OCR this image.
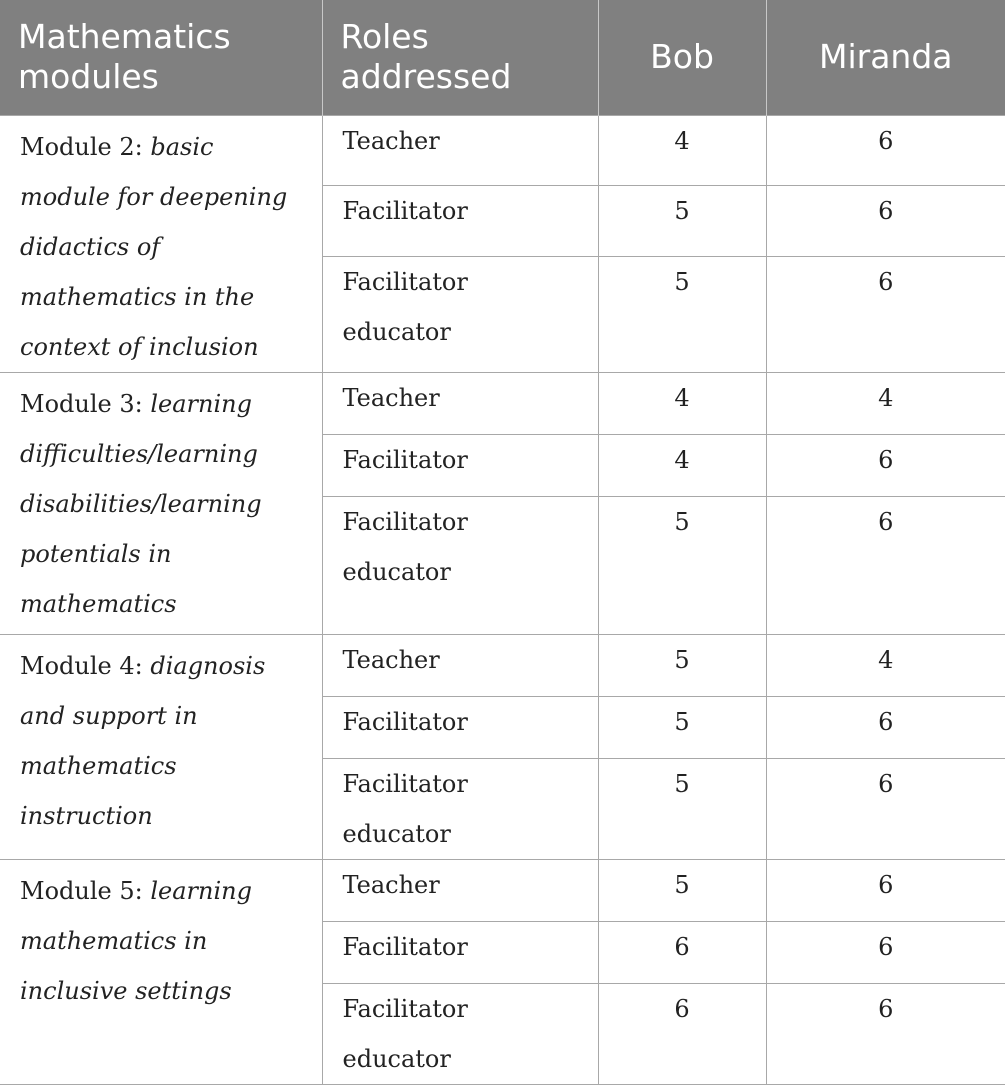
Mathematics modules	Roles addressed	Bob	Miranda
Module 2: basic module for deepening didactics of mathematics in the context of inclusion	Teacher	4	6
	Facilitator	5	6
	Facilitator educator	5	6
Module 3: learning difficulties/learning disabilities/learning potentials in mathematics	Teacher	4	4
	Facilitator	4	6
	Facilitator educator	5	6
Module 4: diagnosis and support in mathematics instruction	Teacher	5	4
	Facilitator	5	6
	Facilitator educator	5	6
Module 5: learning mathematics in inclusive settings	Teacher	5	6
	Facilitator	6	6
	Facilitator educator	6	6
